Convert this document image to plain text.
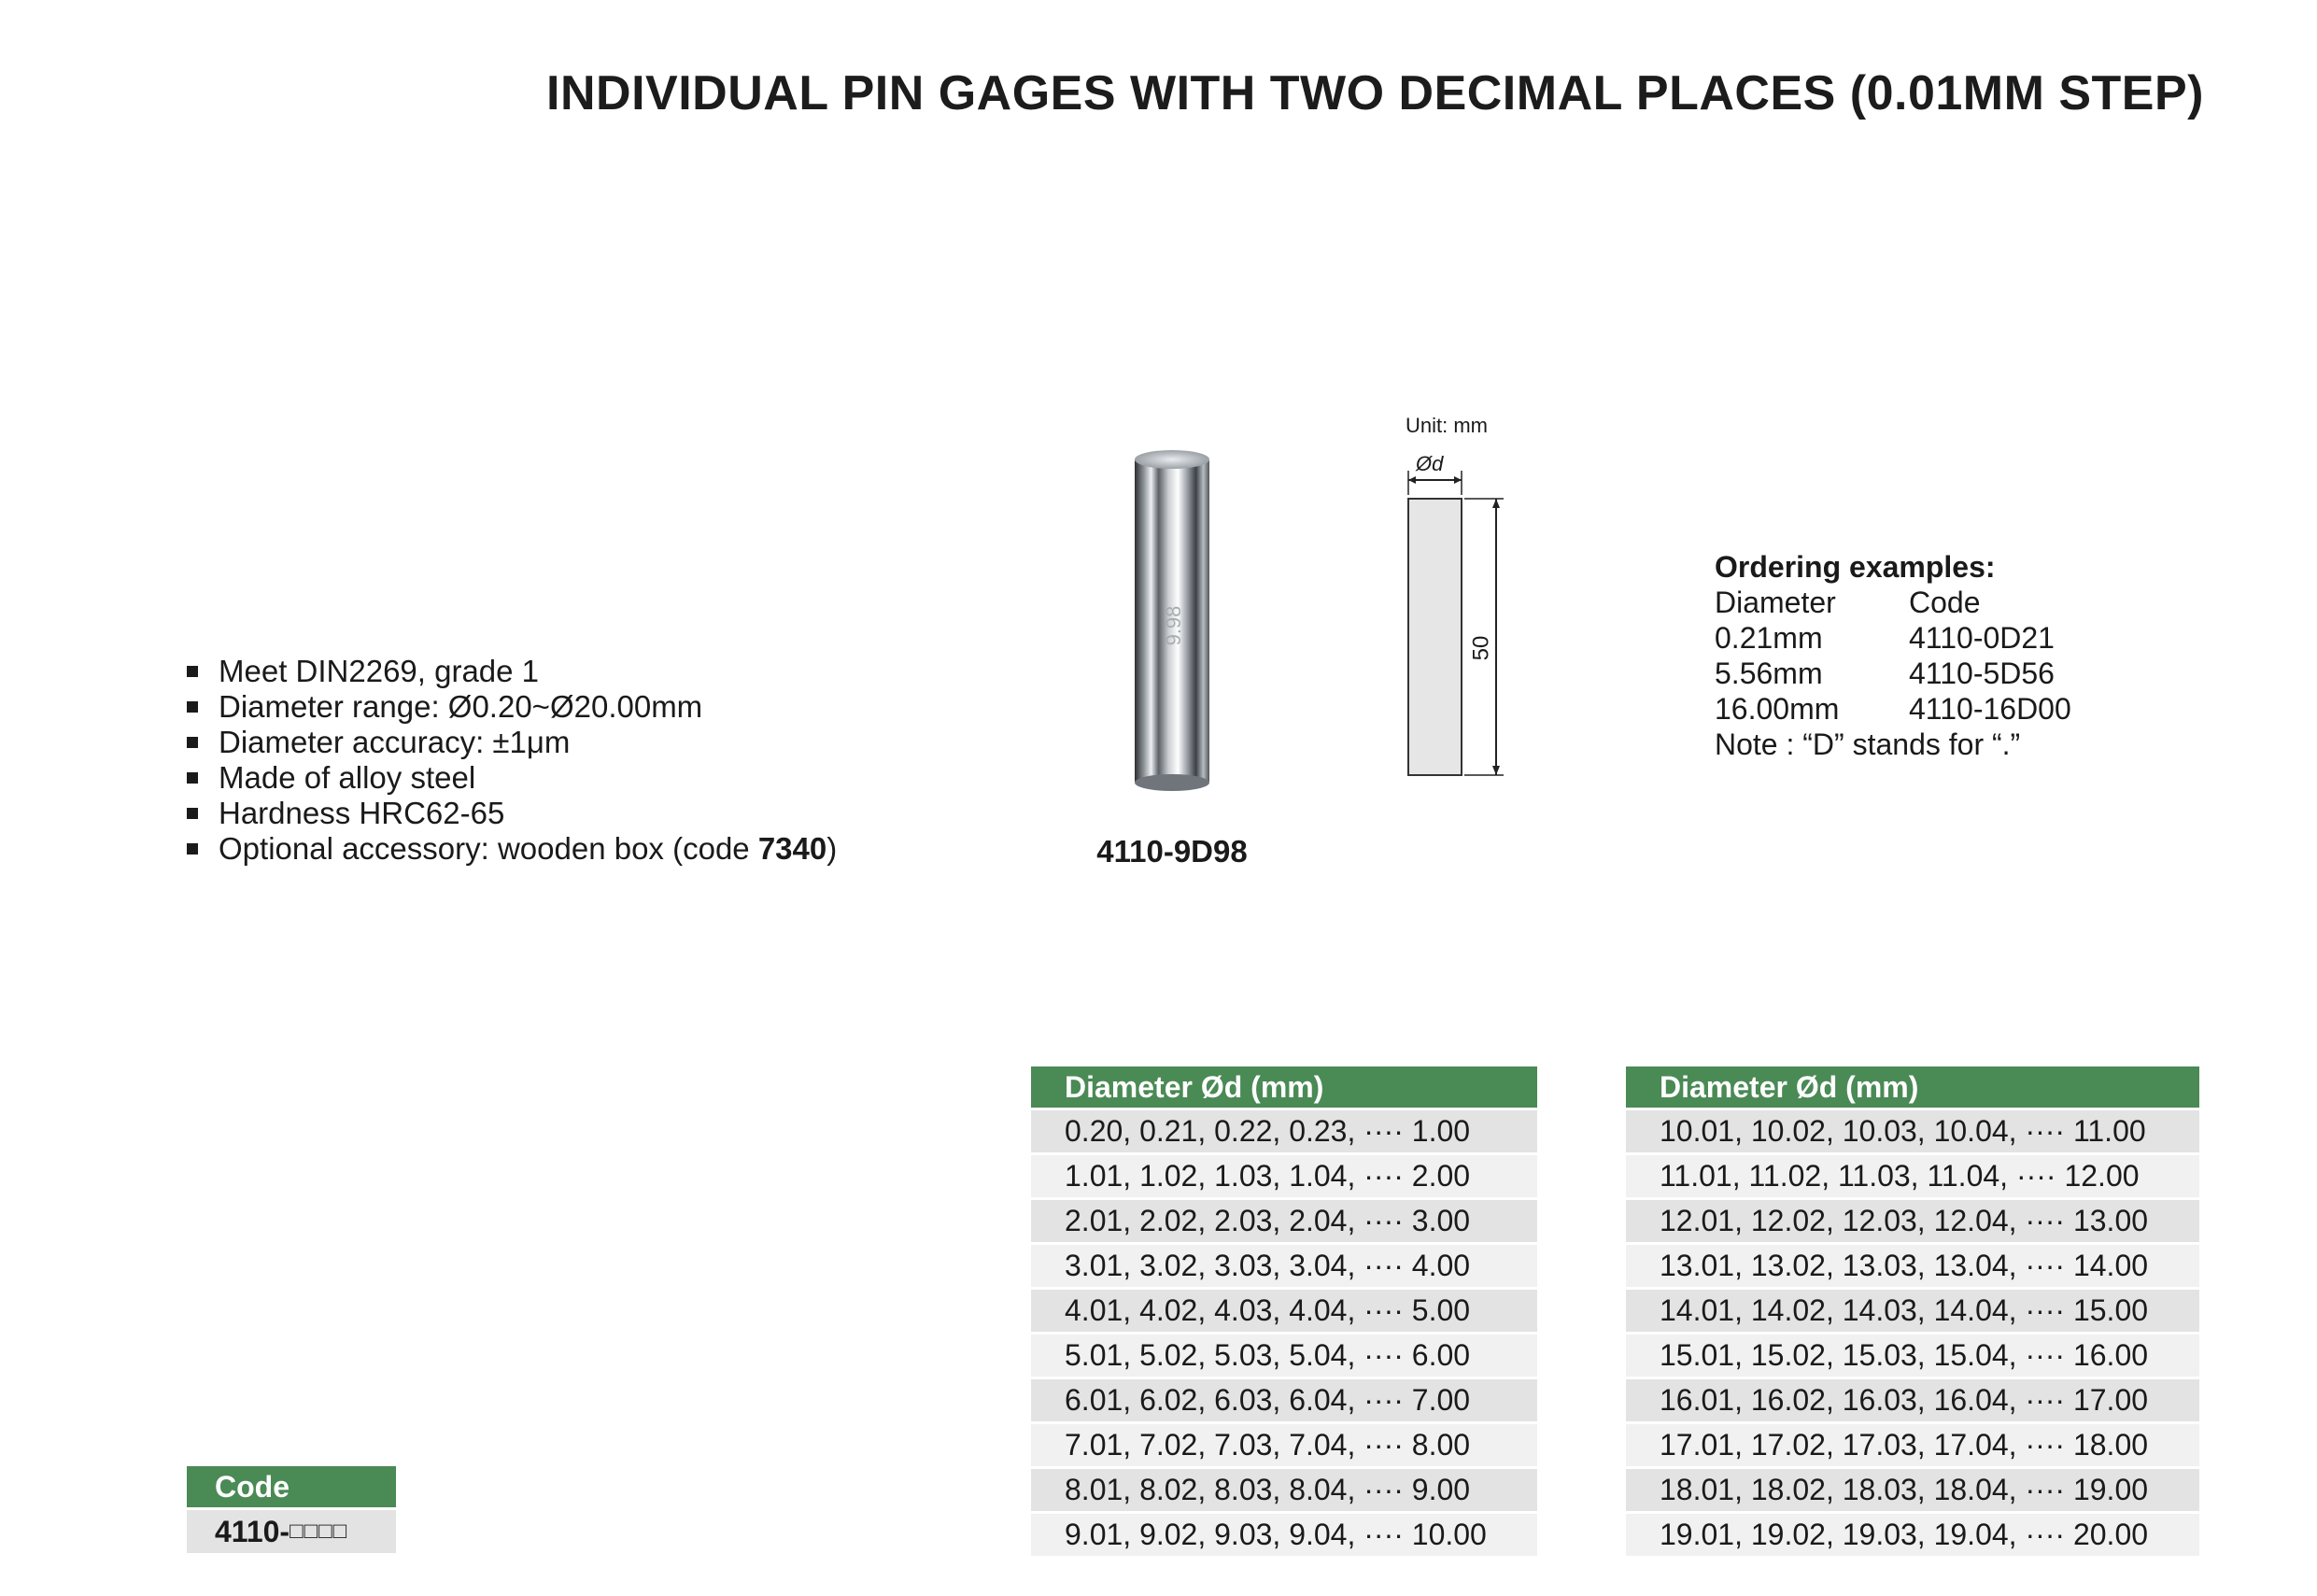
INDIVIDUAL PIN GAGES WITH TWO DECIMAL PLACES (0.01MM STEP)
Meet DIN2269, grade 1
Diameter range: Ø0.20~Ø20.00mm
Diameter accuracy: ±1μm
Made of alloy steel
Hardness HRC62-65
Optional accessory: wooden box (code 7340)
9.98
4110-9D98
Unit: mm
Ød
50
Ordering examples:
Diameter	Code
0.21mm	4110-0D21
5.56mm	4110-5D56
16.00mm	4110-16D00
Note : “D” stands for “.”
Diameter Ød (mm)
0.20, 0.21, 0.22, 0.23, ···· 1.00
1.01, 1.02, 1.03, 1.04, ···· 2.00
2.01, 2.02, 2.03, 2.04, ···· 3.00
3.01, 3.02, 3.03, 3.04, ···· 4.00
4.01, 4.02, 4.03, 4.04, ···· 5.00
5.01, 5.02, 5.03, 5.04, ···· 6.00
6.01, 6.02, 6.03, 6.04, ···· 7.00
7.01, 7.02, 7.03, 7.04, ···· 8.00
8.01, 8.02, 8.03, 8.04, ···· 9.00
9.01, 9.02, 9.03, 9.04, ···· 10.00
Diameter Ød (mm)
10.01, 10.02, 10.03, 10.04, ···· 11.00
11.01, 11.02, 11.03, 11.04, ···· 12.00
12.01, 12.02, 12.03, 12.04, ···· 13.00
13.01, 13.02, 13.03, 13.04, ···· 14.00
14.01, 14.02, 14.03, 14.04, ···· 15.00
15.01, 15.02, 15.03, 15.04, ···· 16.00
16.01, 16.02, 16.03, 16.04, ···· 17.00
17.01, 17.02, 17.03, 17.04, ···· 18.00
18.01, 18.02, 18.03, 18.04, ···· 19.00
19.01, 19.02, 19.03, 19.04, ···· 20.00
Code
4110- □□□□
